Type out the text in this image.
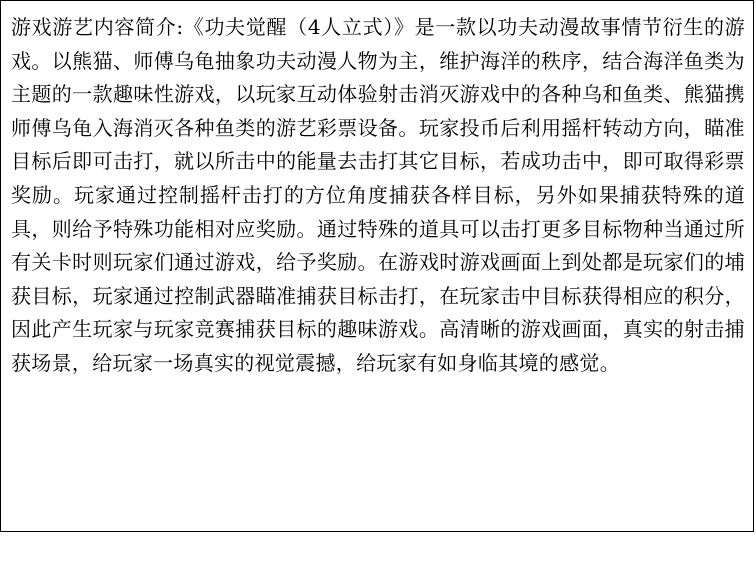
游戏游艺内容简介:《功夫觉醒（4人立式）》是一款以功夫动漫故事情节衍生的游戏。以熊猫、师傅乌龟抽象功夫动漫人物为主，维护海洋的秩序，结合海洋鱼类为主题的一款趣味性游戏，以玩家互动体验射击消灭游戏中的各种乌和鱼类、熊猫携师傅乌龟入海消灭各种鱼类的游艺彩票设备。玩家投币后利用摇杆转动方向，瞄准目标后即可击打，就以所击中的能量去击打其它目标，若成功击中，即可取得彩票奖励。玩家通过控制摇杆击打的方位角度捕获各样目标，另外如果捕获特殊的道具，则给予特殊功能相对应奖励。通过特殊的道具可以击打更多目标物种当通过所有关卡时则玩家们通过游戏，给予奖励。在游戏时游戏画面上到处都是玩家们的埔获目标，玩家通过控制武器瞄准捕获目标击打，在玩家击中目标获得相应的积分，因此产生玩家与玩家竞赛捕获目标的趣味游戏。高清晰的游戏画面，真实的射击捕获场景，给玩家一场真实的视觉震撼，给玩家有如身临其境的感觉。
